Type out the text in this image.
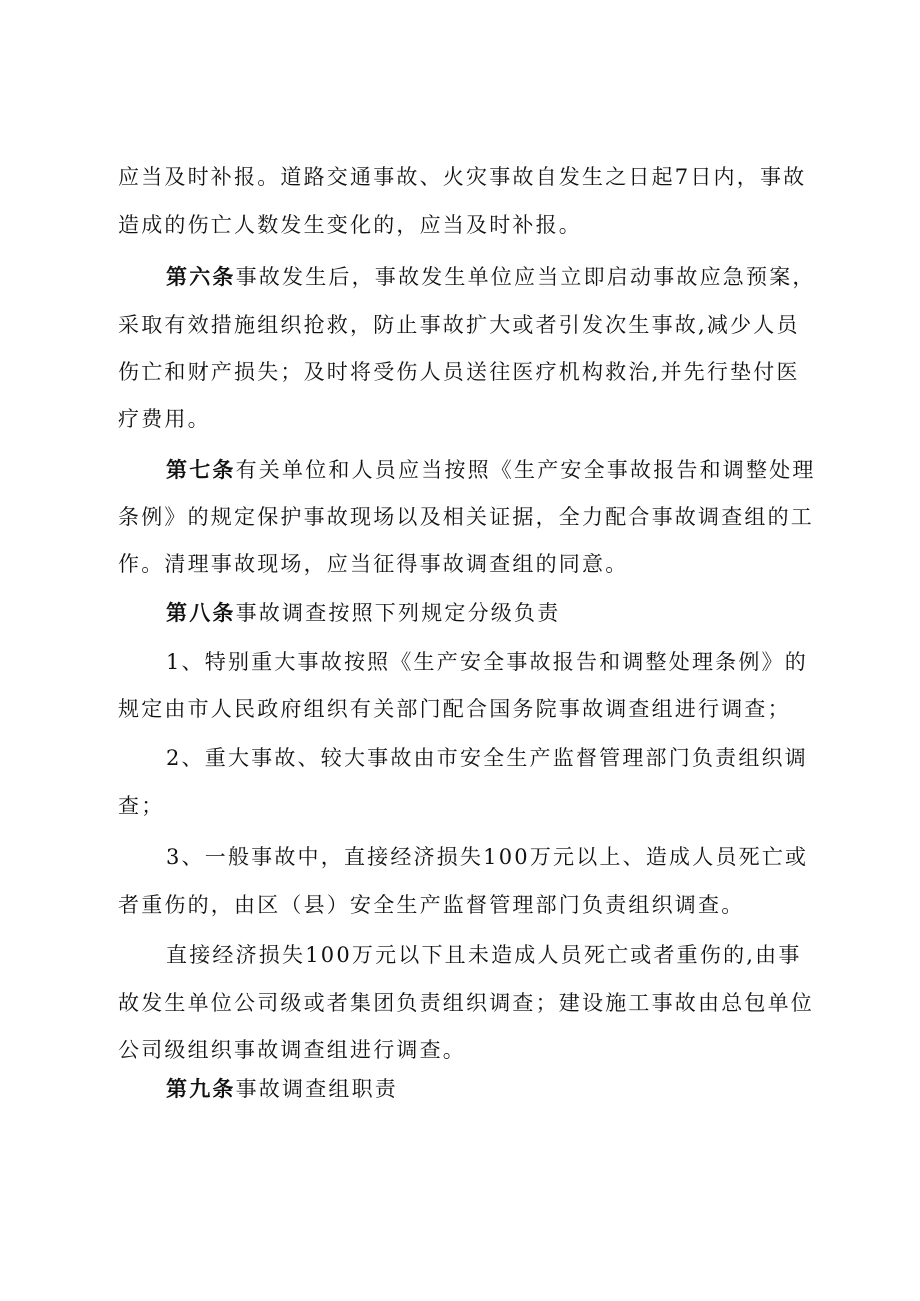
应当及时补报。道路交通事故、火灾事故自发生之日起7日内，事故
造成的伤亡人数发生变化的，应当及时补报。
第六条事故发生后，事故发生单位应当立即启动事故应急预案，
采取有效措施组织抢救，防止事故扩大或者引发次生事故,减少人员
伤亡和财产损失；及时将受伤人员送往医疗机构救治,并先行垫付医
疗费用。
第七条有关单位和人员应当按照《生产安全事故报告和调整处理
条例》的规定保护事故现场以及相关证据，全力配合事故调查组的工
作。清理事故现场，应当征得事故调查组的同意。
第八条事故调查按照下列规定分级负责
1、特别重大事故按照《生产安全事故报告和调整处理条例》的
规定由市人民政府组织有关部门配合国务院事故调查组进行调查；
2、重大事故、较大事故由市安全生产监督管理部门负责组织调
查；
3、一般事故中，直接经济损失100万元以上、造成人员死亡或
者重伤的，由区（县）安全生产监督管理部门负责组织调查。
直接经济损失100万元以下且未造成人员死亡或者重伤的,由事
故发生单位公司级或者集团负责组织调查；建设施工事故由总包单位
公司级组织事故调查组进行调查。
第九条事故调查组职责
